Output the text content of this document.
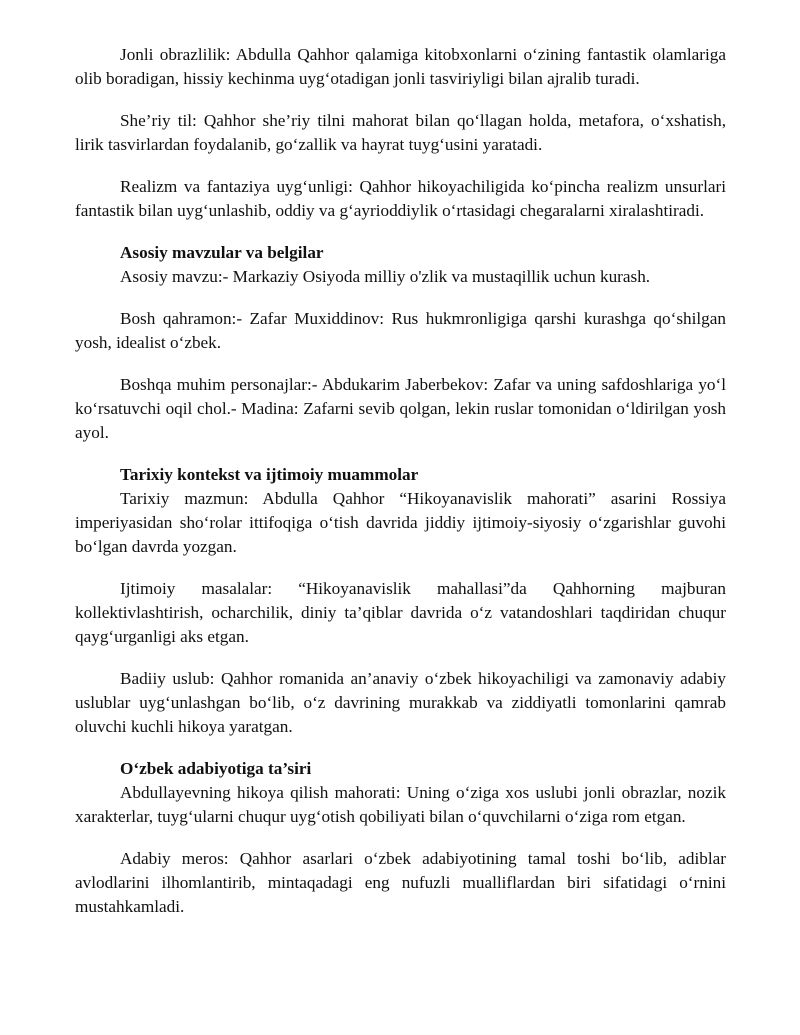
Jonli obrazlilik: Abdulla Qahhor qalamiga kitobxonlarni o‘zining fantastik olamlariga olib boradigan, hissiy kechinma uyg‘otadigan jonli tasviriyligi bilan ajralib turadi.

She’riy til: Qahhor she’riy tilni mahorat bilan qo‘llagan holda, metafora, o‘xshatish, lirik tasvirlardan foydalanib, go‘zallik va hayrat tuyg‘usini yaratadi.

Realizm va fantaziya uyg‘unligi: Qahhor hikoyachiligida ko‘pincha realizm unsurlari fantastik bilan uyg‘unlashib, oddiy va g‘ayrioddiylik o‘rtasidagi chegaralarni xiralashtiradi.

Asosiy mavzular va belgilar

Asosiy mavzu:- Markaziy Osiyoda milliy o'zlik va mustaqillik uchun kurash.

Bosh qahramon:- Zafar Muxiddinov: Rus hukmronligiga qarshi kurashga qo‘shilgan yosh, idealist o‘zbek.

Boshqa muhim personajlar:- Abdukarim Jaberbekov: Zafar va uning safdoshlariga yo‘l ko‘rsatuvchi oqil chol.- Madina: Zafarni sevib qolgan, lekin ruslar tomonidan o‘ldirilgan yosh ayol.

Tarixiy kontekst va ijtimoiy muammolar

Tarixiy mazmun: Abdulla Qahhor “Hikoyanavislik mahorati” asarini Rossiya imperiyasidan sho‘rolar ittifoqiga o‘tish davrida jiddiy ijtimoiy-siyosiy o‘zgarishlar guvohi bo‘lgan davrda yozgan.

Ijtimoiy masalalar: “Hikoyanavislik mahallasi”da Qahhorning majburan kollektivlashtirish, ocharchilik, diniy ta’qiblar davrida o‘z vatandoshlari taqdiridan chuqur qayg‘urganligi aks etgan.

Badiiy uslub: Qahhor romanida an’anaviy o‘zbek hikoyachiligi va zamonaviy adabiy uslublar uyg‘unlashgan bo‘lib, o‘z davrining murakkab va ziddiyatli tomonlarini qamrab oluvchi kuchli hikoya yaratgan.

O‘zbek adabiyotiga ta’siri

Abdullayevning hikoya qilish mahorati: Uning o‘ziga xos uslubi jonli obrazlar, nozik xarakterlar, tuyg‘ularni chuqur uyg‘otish qobiliyati bilan o‘quvchilarni o‘ziga rom etgan.

Adabiy meros: Qahhor asarlari o‘zbek adabiyotining tamal toshi bo‘lib, adiblar avlodlarini ilhomlantirib, mintaqadagi eng nufuzli mualliflardan biri sifatidagi o‘rnini mustahkamladi.
